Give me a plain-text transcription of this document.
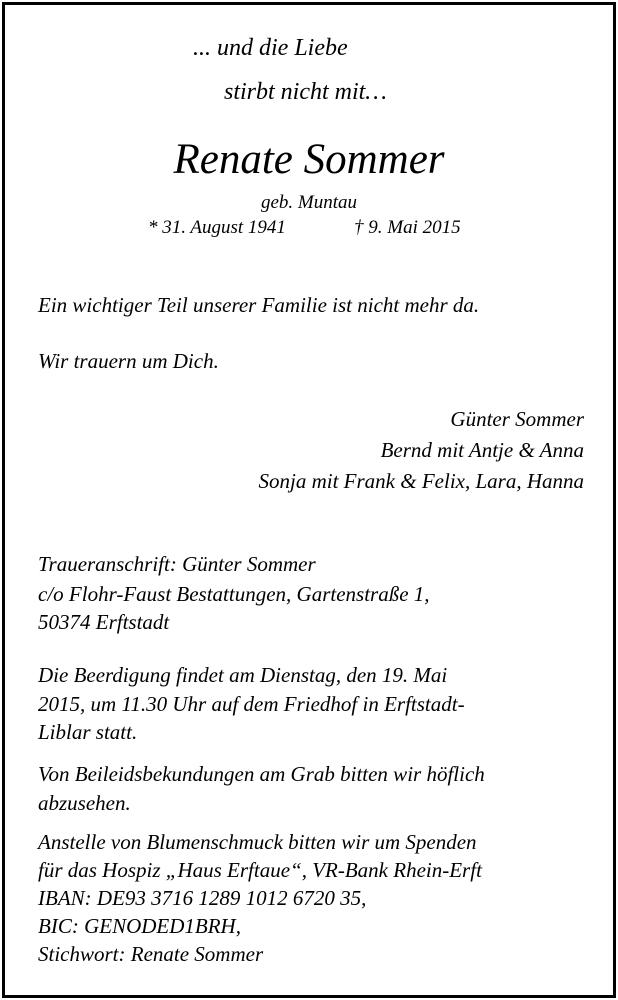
... und die Liebe

stirbt nicht mit…

Renate Sommer

geb. Muntau

* 31. August 1941	† 9. Mai 2015

Ein wichtiger Teil unserer Familie ist nicht mehr da.

Wir trauern um Dich.

Günter Sommer

Bernd mit Antje & Anna

Sonja mit Frank & Felix, Lara, Hanna

Traueranschrift: Günter Sommer

c/o Flohr-Faust Bestattungen, Gartenstraße 1,

50374 Erftstadt

Die Beerdigung findet am Dienstag, den 19. Mai

2015, um 11.30 Uhr auf dem Friedhof in Erftstadt-

Liblar statt.

Von Beileidsbekundungen am Grab bitten wir höflich

abzusehen.

Anstelle von Blumenschmuck bitten wir um Spenden

für das Hospiz „Haus Erftaue“, VR-Bank Rhein-Erft

IBAN: DE93 3716 1289 1012 6720 35,

BIC: GENODED1BRH,

Stichwort: Renate Sommer
